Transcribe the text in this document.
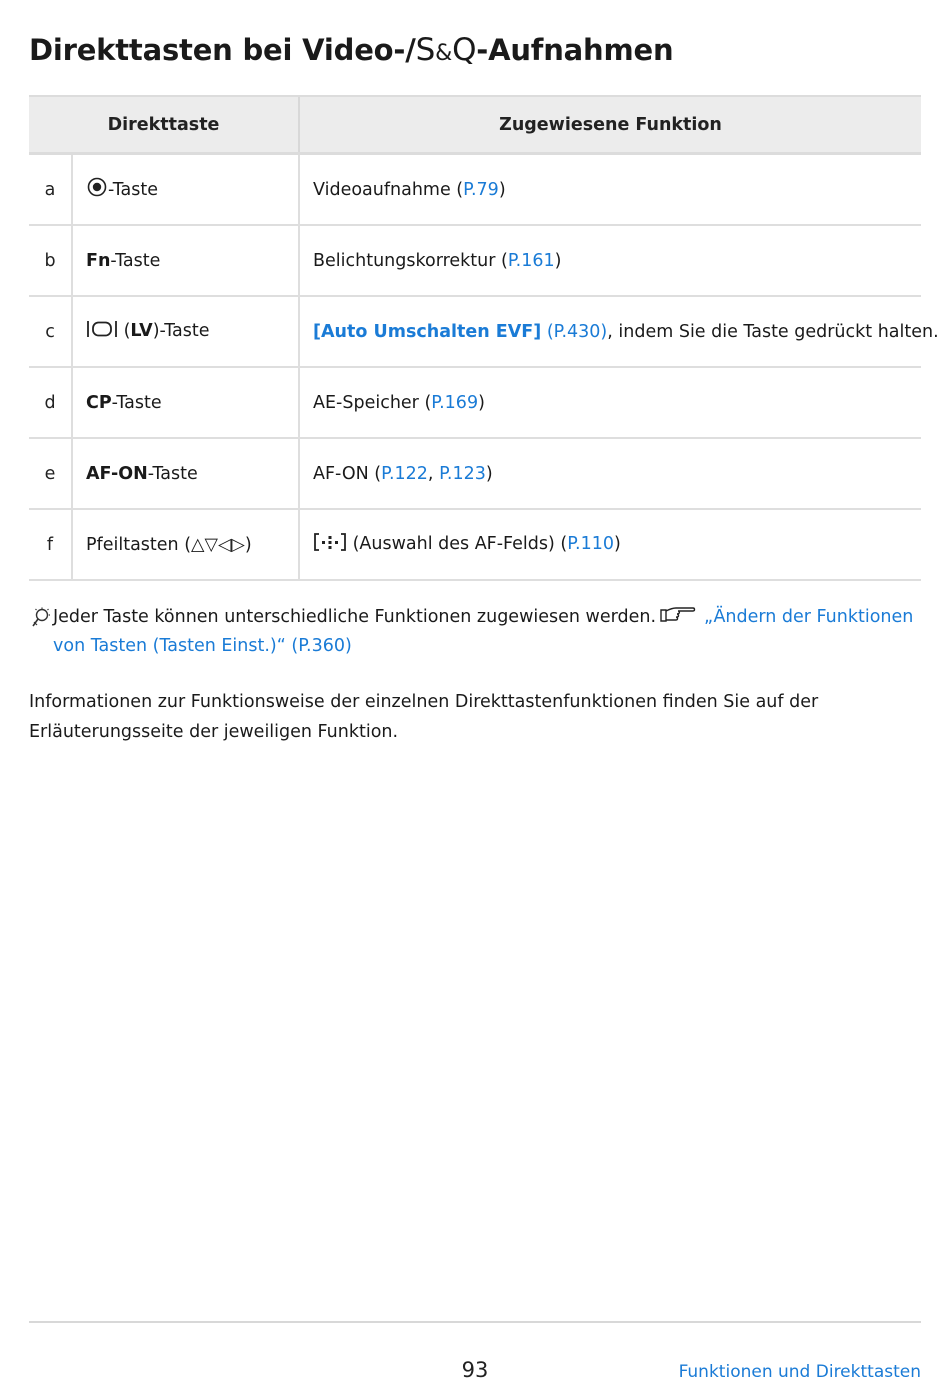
Direkttasten bei Video-/S&Q-Aufnahmen
Direkttaste		Zugewiesene Funktion
a	-Taste	Videoaufnahme (P.79)
b	Fn-Taste	Belichtungskorrektur (P.161)
c	(LV)-Taste	[Auto Umschalten EVF] (P.430), indem Sie die Taste gedrückt halten.
d	CP-Taste	AE-Speicher (P.169)
e	AF-ON-Taste	AF-ON (P.122, P.123)
f	Pfeiltasten (△▽◁▷)	(Auswahl des AF-Felds) (P.110)
Jeder Taste können unterschiedliche Funktionen zugewiesen werden.	„Ändern der Funktionen
von Tasten (Tasten Einst.)“ (P.360)

Informationen zur Funktionsweise der einzelnen Direkttastenfunktionen finden Sie auf der Erläuterungsseite der jeweiligen Funktion.

93	Funktionen und Direkttasten
